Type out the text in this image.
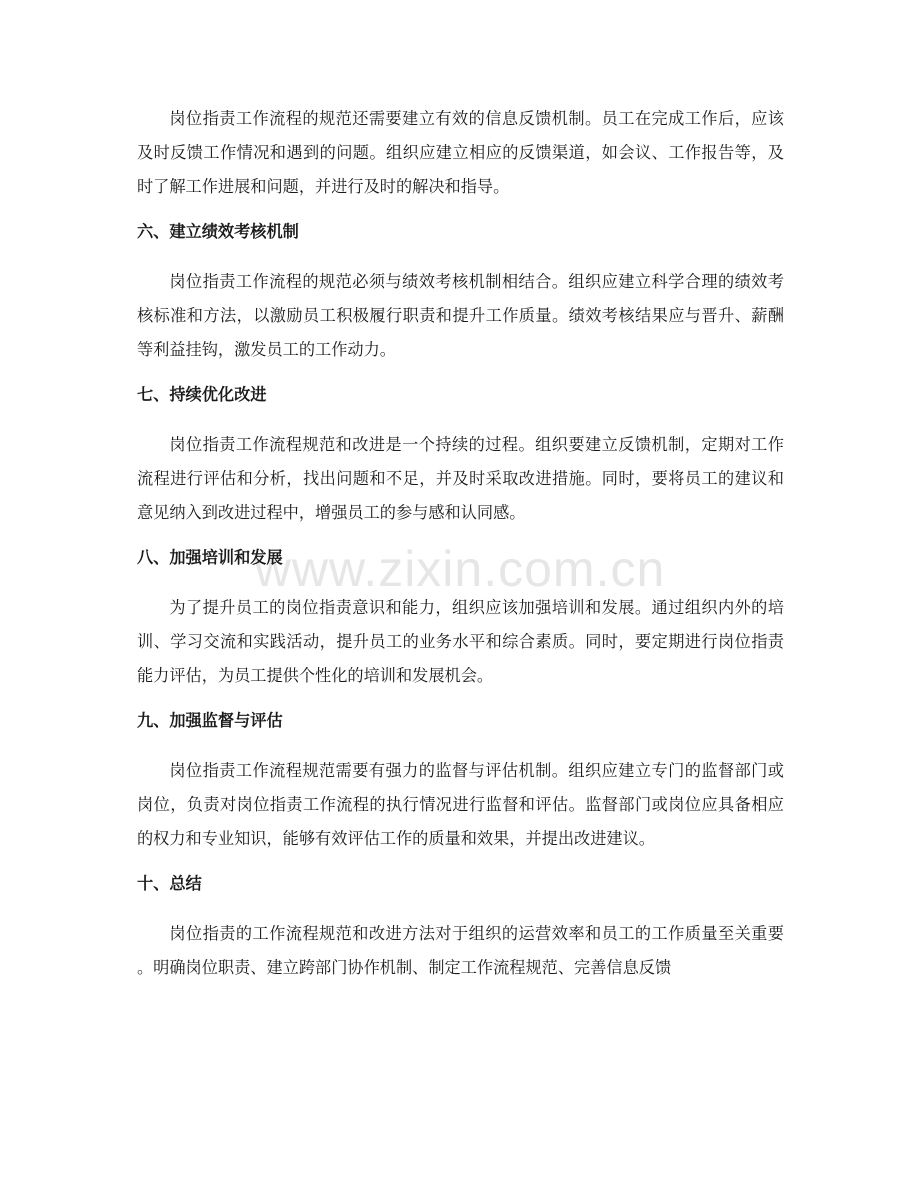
www.zixin.com.cn

岗位指责工作流程的规范还需要建立有效的信息反馈机制。员工在完成工作后，应该及时反馈工作情况和遇到的问题。组织应建立相应的反馈渠道，如会议、工作报告等，及时了解工作进展和问题，并进行及时的解决和指导。

六、建立绩效考核机制

岗位指责工作流程的规范必须与绩效考核机制相结合。组织应建立科学合理的绩效考核标准和方法，以激励员工积极履行职责和提升工作质量。绩效考核结果应与晋升、薪酬等利益挂钩，激发员工的工作动力。

七、持续优化改进

岗位指责工作流程规范和改进是一个持续的过程。组织要建立反馈机制，定期对工作流程进行评估和分析，找出问题和不足，并及时采取改进措施。同时，要将员工的建议和意见纳入到改进过程中，增强员工的参与感和认同感。

八、加强培训和发展

为了提升员工的岗位指责意识和能力，组织应该加强培训和发展。通过组织内外的培训、学习交流和实践活动，提升员工的业务水平和综合素质。同时，要定期进行岗位指责能力评估，为员工提供个性化的培训和发展机会。

九、加强监督与评估

岗位指责工作流程规范需要有强力的监督与评估机制。组织应建立专门的监督部门或岗位，负责对岗位指责工作流程的执行情况进行监督和评估。监督部门或岗位应具备相应的权力和专业知识，能够有效评估工作的质量和效果，并提出改进建议。

十、总结

岗位指责的工作流程规范和改进方法对于组织的运营效率和员工的工作质量至关重要。明确岗位职责、建立跨部门协作机制、制定工作流程规范、完善信息反馈
